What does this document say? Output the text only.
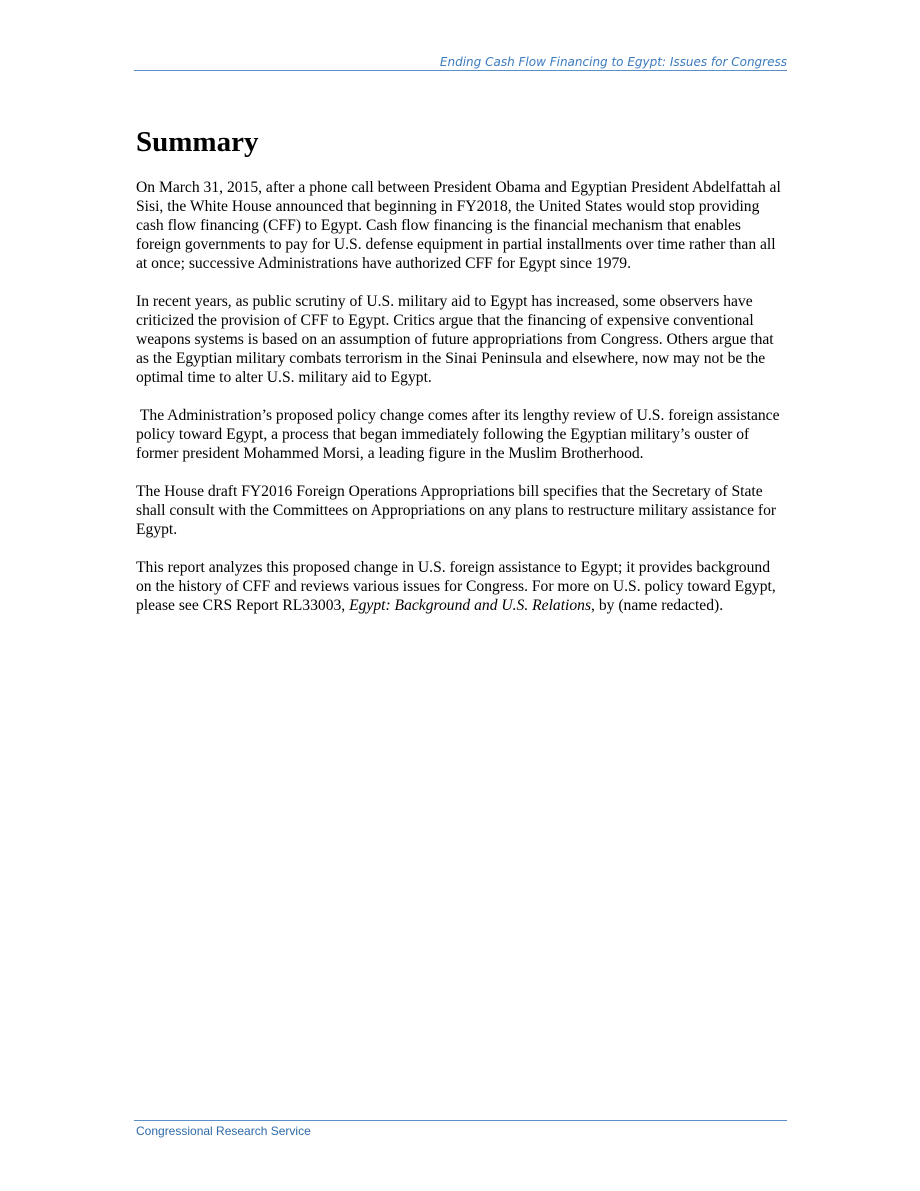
Ending Cash Flow Financing to Egypt: Issues for Congress
Summary

On March 31, 2015, after a phone call between President Obama and Egyptian President Abdelfattah al Sisi, the White House announced that beginning in FY2018, the United States would stop providing cash flow financing (CFF) to Egypt. Cash flow financing is the financial mechanism that enables foreign governments to pay for U.S. defense equipment in partial installments over time rather than all at once; successive Administrations have authorized CFF for Egypt since 1979.

In recent years, as public scrutiny of U.S. military aid to Egypt has increased, some observers have criticized the provision of CFF to Egypt. Critics argue that the financing of expensive conventional weapons systems is based on an assumption of future appropriations from Congress. Others argue that as the Egyptian military combats terrorism in the Sinai Peninsula and elsewhere, now may not be the optimal time to alter U.S. military aid to Egypt.

The Administration’s proposed policy change comes after its lengthy review of U.S. foreign assistance policy toward Egypt, a process that began immediately following the Egyptian military’s ouster of former president Mohammed Morsi, a leading figure in the Muslim Brotherhood.

The House draft FY2016 Foreign Operations Appropriations bill specifies that the Secretary of State shall consult with the Committees on Appropriations on any plans to restructure military assistance for Egypt.

This report analyzes this proposed change in U.S. foreign assistance to Egypt; it provides background on the history of CFF and reviews various issues for Congress. For more on U.S. policy toward Egypt, please see CRS Report RL33003, Egypt: Background and U.S. Relations, by (name redacted).

Congressional Research Service
